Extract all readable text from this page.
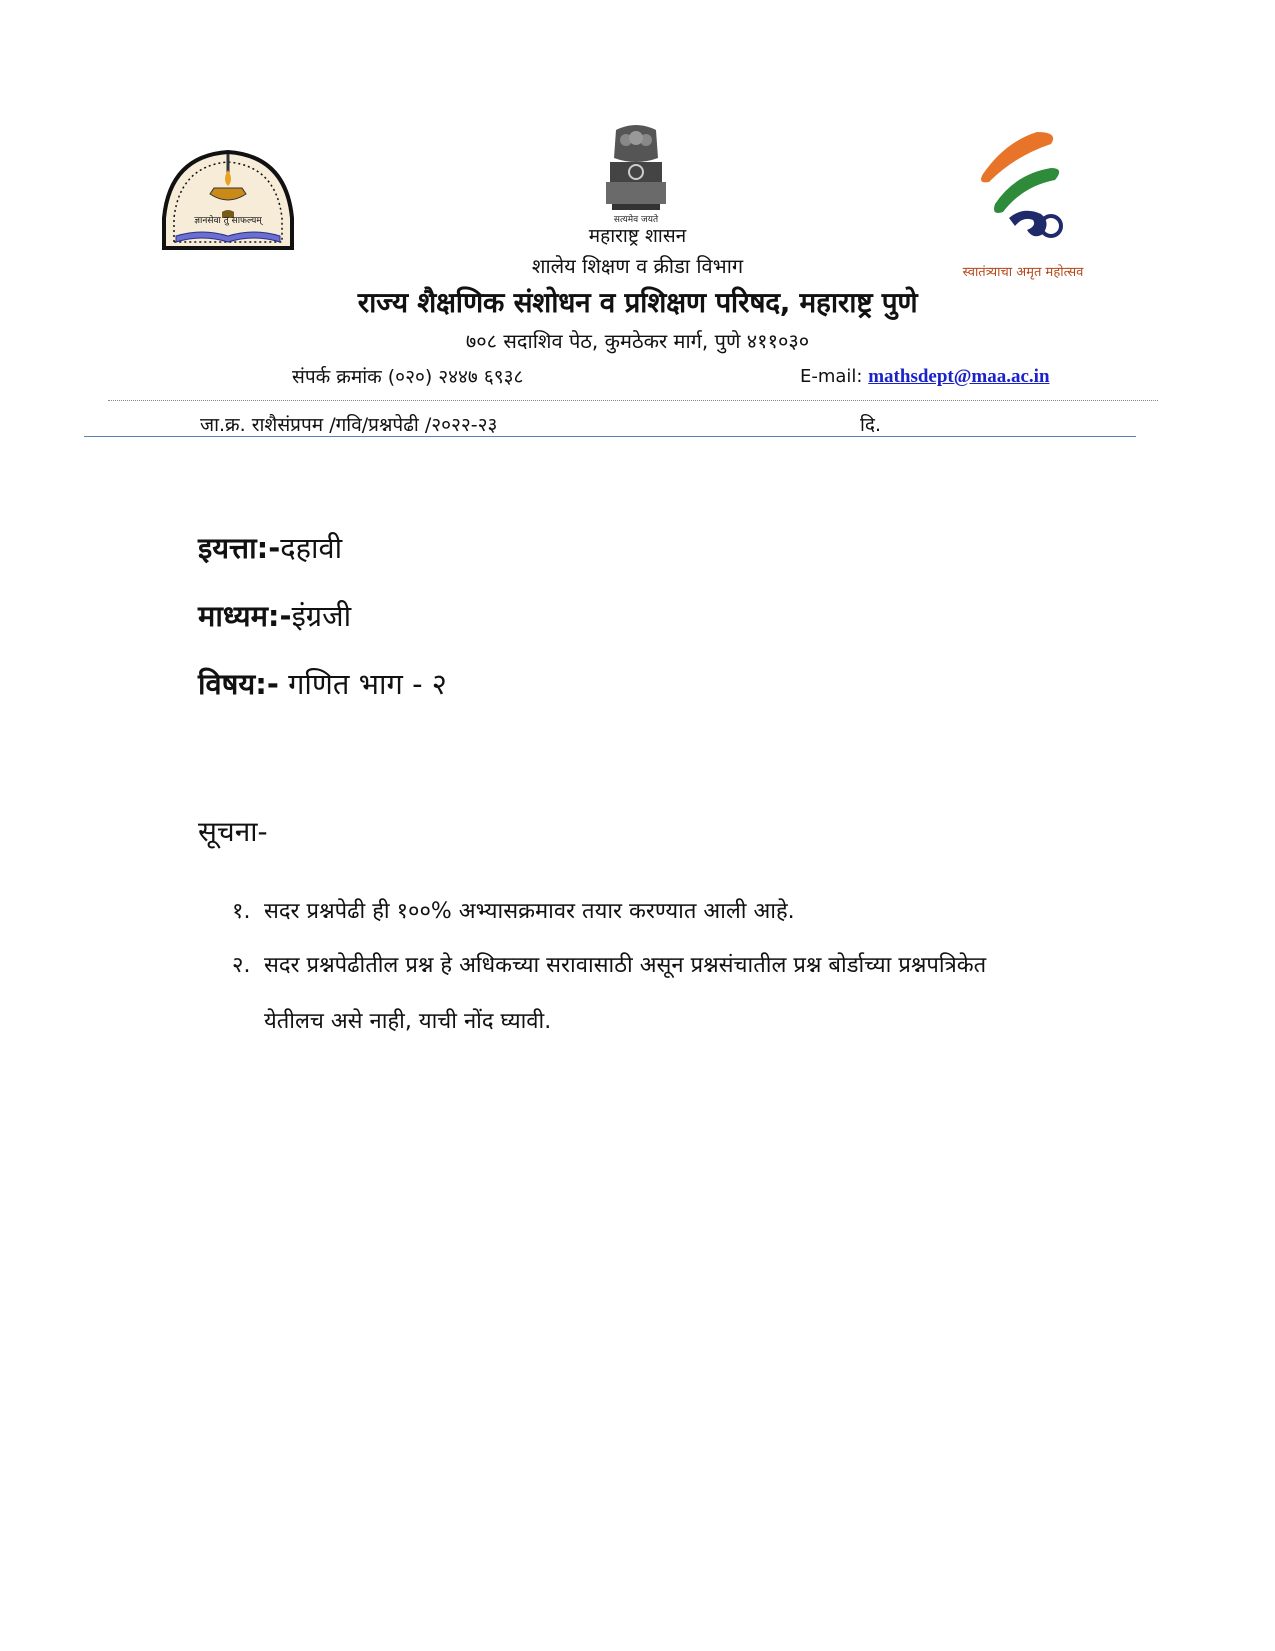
ज्ञानसेवा तु साफल्यम्	सत्यमेव जयते
स्वातंत्र्याचा अमृत महोत्सव
महाराष्ट्र शासन
शालेय शिक्षण व क्रीडा विभाग
राज्य शैक्षणिक संशोधन व प्रशिक्षण परिषद, महाराष्ट्र पुणे
७०८ सदाशिव पेठ, कुमठेकर मार्ग, पुणे ४११०३०
संपर्क क्रमांक (०२०) २४४७ ६९३८	E-mail: mathsdept@maa.ac.in
जा.क्र. राशैसंप्रपम /गवि/प्रश्नपेढी /२०२२-२३	दि.
इयत्ता:-दहावी
माध्यम:-इंग्रजी
विषय:- गणित भाग - २
सूचना-
१. सदर प्रश्नपेढी ही १००% अभ्यासक्रमावर तयार करण्यात आली आहे.
२. सदर प्रश्नपेढीतील प्रश्न हे अधिकच्या सरावासाठी असून प्रश्नसंचातील प्रश्न बोर्डाच्या प्रश्नपत्रिकेत
येतीलच असे नाही, याची नोंद घ्यावी.
